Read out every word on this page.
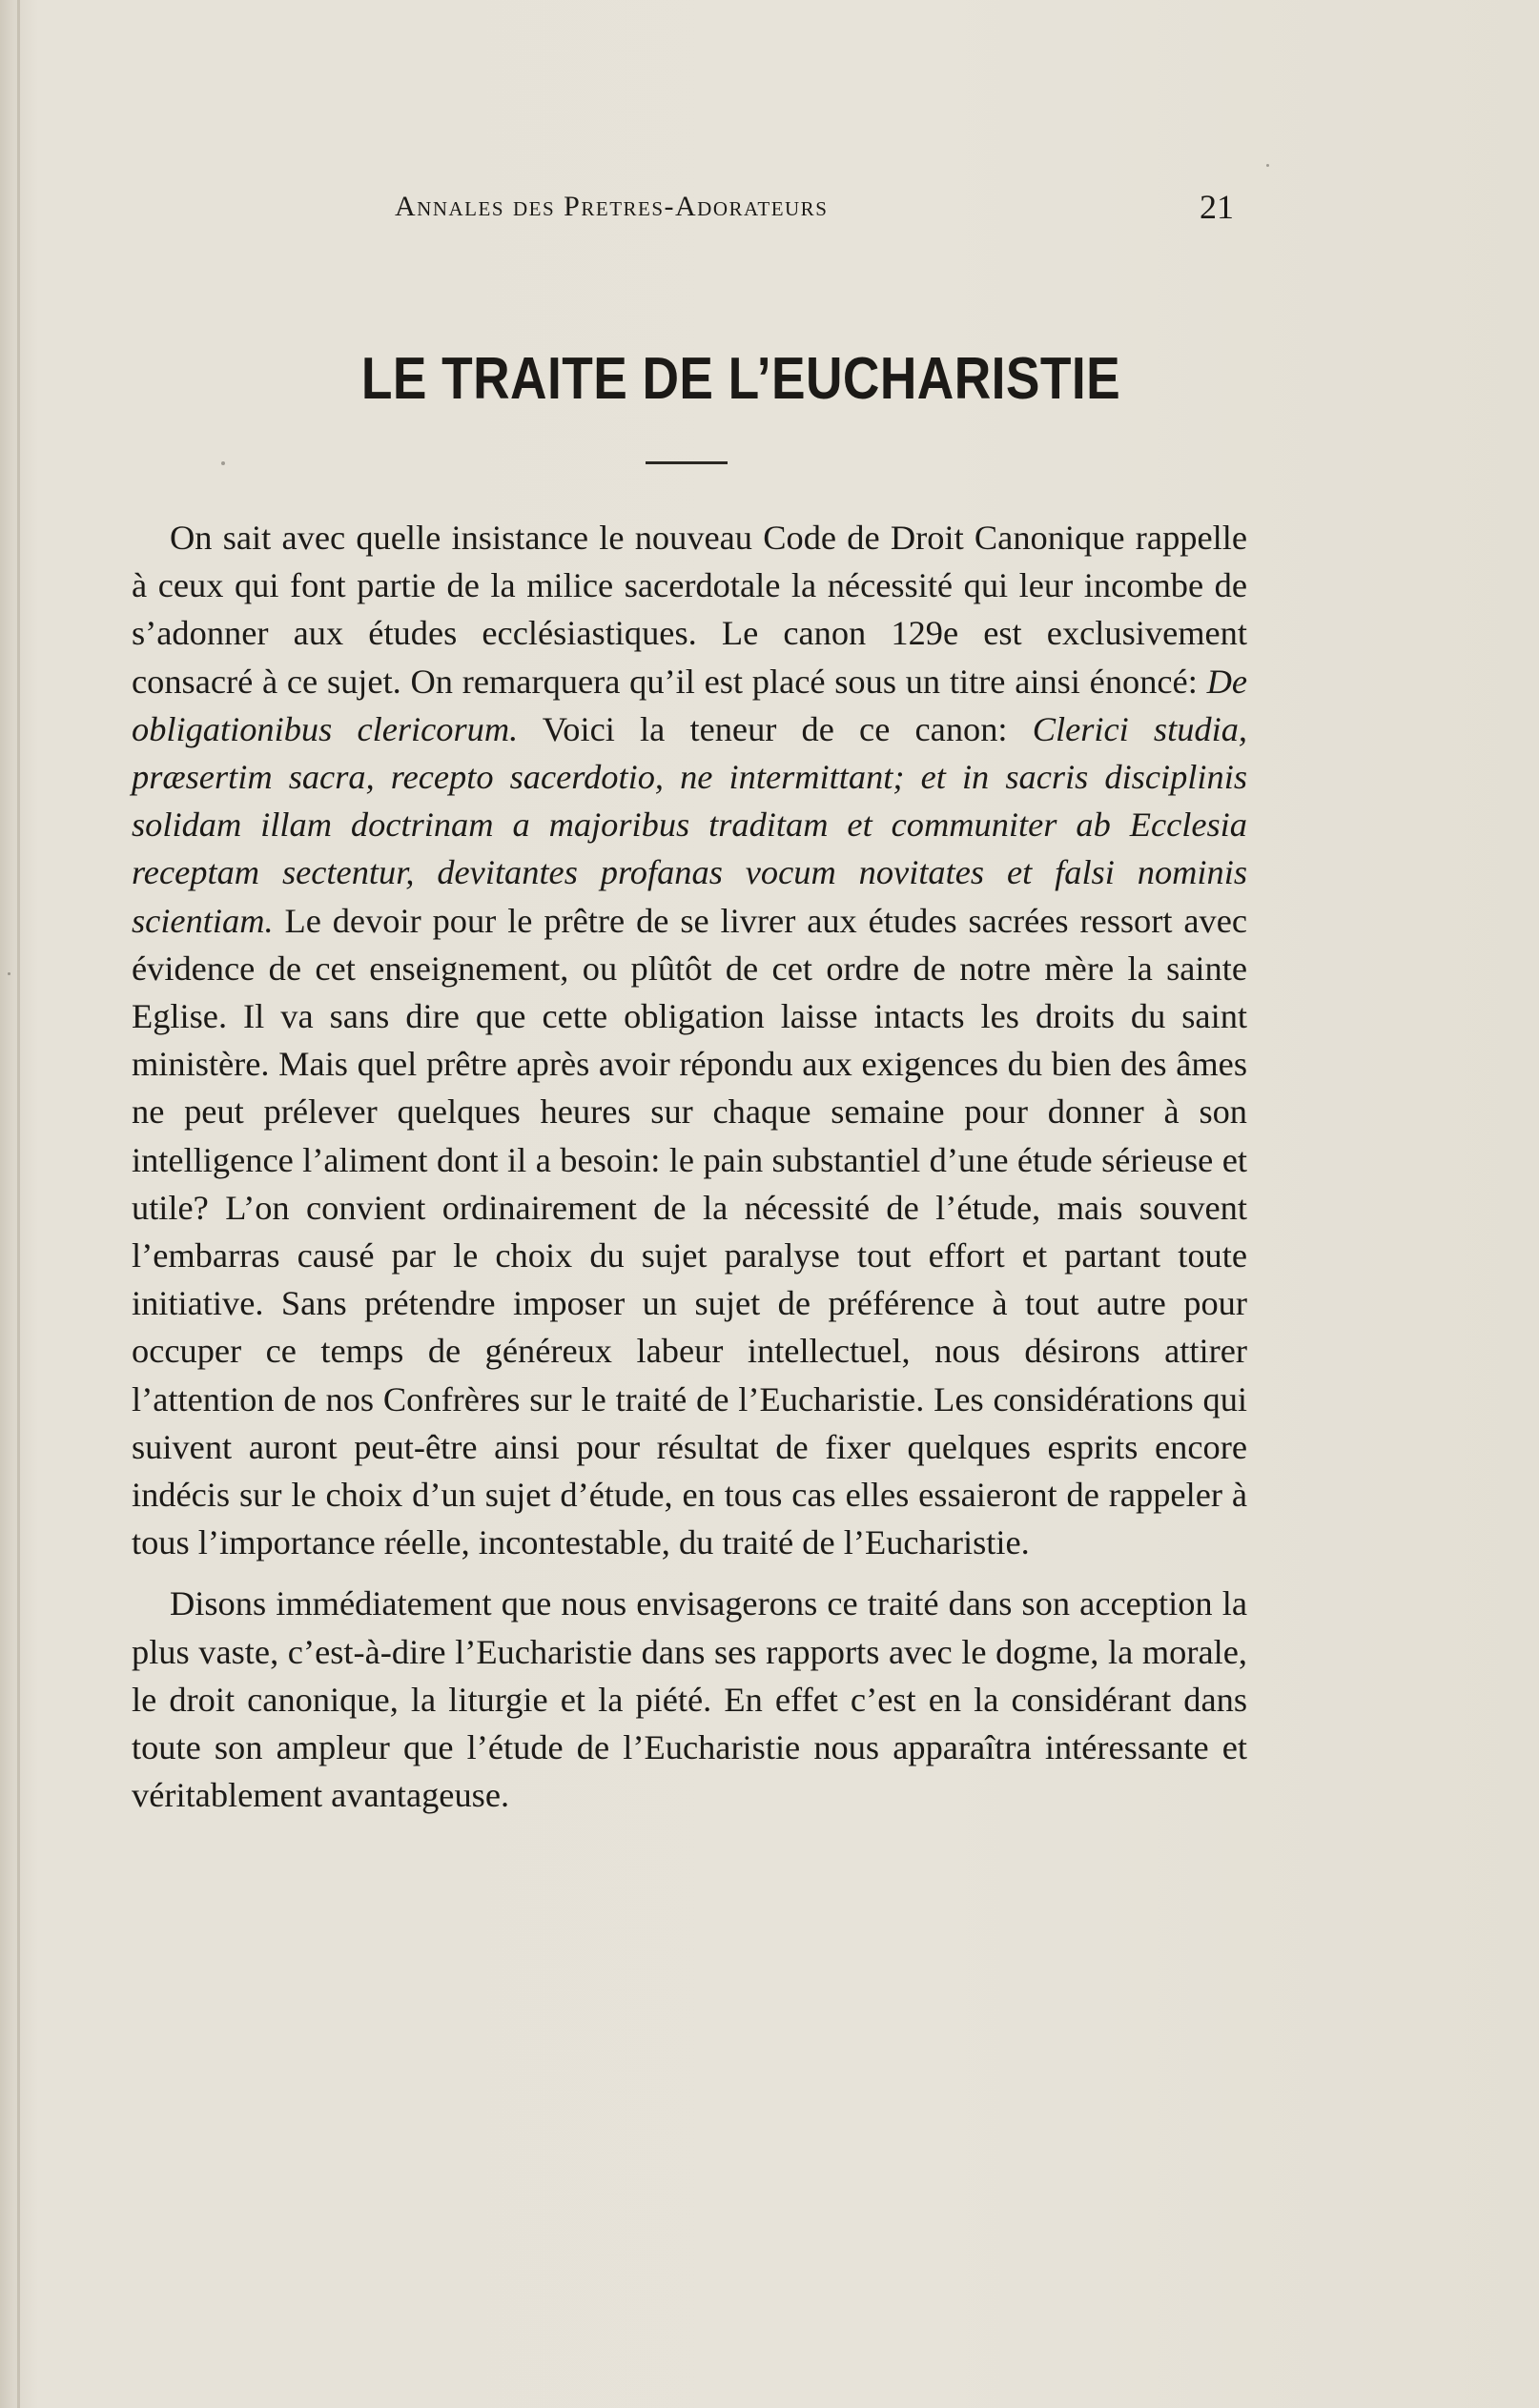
Annales des Pretres-Adorateurs	21
LE TRAITE DE L’EUCHARISTIE

On sait avec quelle insistance le nouveau Code de Droit Canonique rappelle à ceux qui font partie de la milice sacerdotale la nécessité qui leur incombe de s’adonner aux études ecclésiastiques. Le canon 129e est exclusivement consacré à ce sujet. On remarquera qu’il est placé sous un titre ainsi énoncé: De obligationibus clericorum. Voici la teneur de ce canon: Clerici studia, præsertim sacra, recepto sacerdotio, ne intermittant; et in sacris disciplinis solidam illam doctrinam a majoribus traditam et communiter ab Ecclesia receptam sectentur, devitantes profanas vocum novitates et falsi nominis scientiam. Le devoir pour le prêtre de se livrer aux études sacrées ressort avec évidence de cet enseignement, ou plûtôt de cet ordre de notre mère la sainte Eglise. Il va sans dire que cette obligation laisse intacts les droits du saint ministère. Mais quel prêtre après avoir répondu aux exigences du bien des âmes ne peut prélever quelques heures sur chaque semaine pour donner à son intelligence l’aliment dont il a besoin: le pain substantiel d’une étude sérieuse et utile? L’on convient ordinairement de la nécessité de l’étude, mais souvent l’embarras causé par le choix du sujet paralyse tout effort et partant toute initiative. Sans prétendre imposer un sujet de préférence à tout autre pour occuper ce temps de généreux labeur intellectuel, nous désirons attirer l’attention de nos Confrères sur le traité de l’Eucharistie. Les considérations qui suivent auront peut-être ainsi pour résultat de fixer quelques esprits encore indécis sur le choix d’un sujet d’étude, en tous cas elles essaieront de rappeler à tous l’importance réelle, incontestable, du traité de l’Eucharistie.

Disons immédiatement que nous envisagerons ce traité dans son acception la plus vaste, c’est-à-dire l’Eucharistie dans ses rapports avec le dogme, la morale, le droit canonique, la liturgie et la piété. En effet c’est en la considérant dans toute son ampleur que l’étude de l’Eucharistie nous apparaîtra intéressante et véritablement avantageuse.
